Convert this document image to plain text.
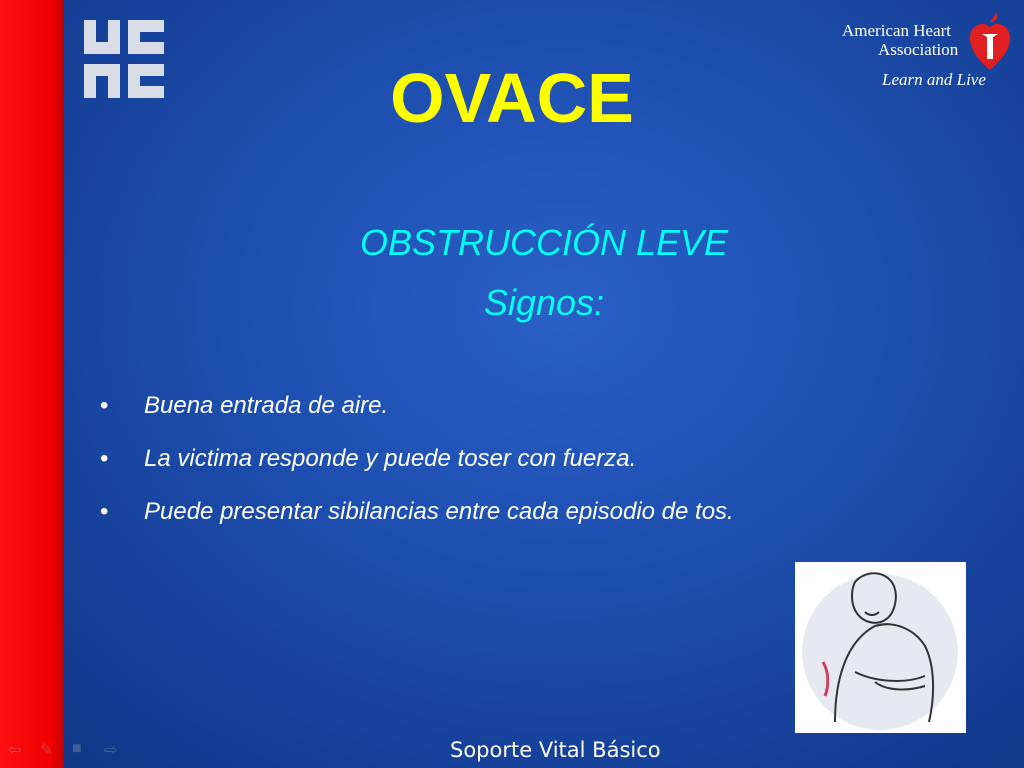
American Heart
Association
Learn and Live
OVACE
OBSTRUCCIÓN LEVE
Signos:
• Buena entrada de aire.
• La victima responde y puede toser con fuerza.
• Puede presentar sibilancias entre cada episodio de tos.
Soporte Vital Básico
⇦ ✎ ■ ⇨
